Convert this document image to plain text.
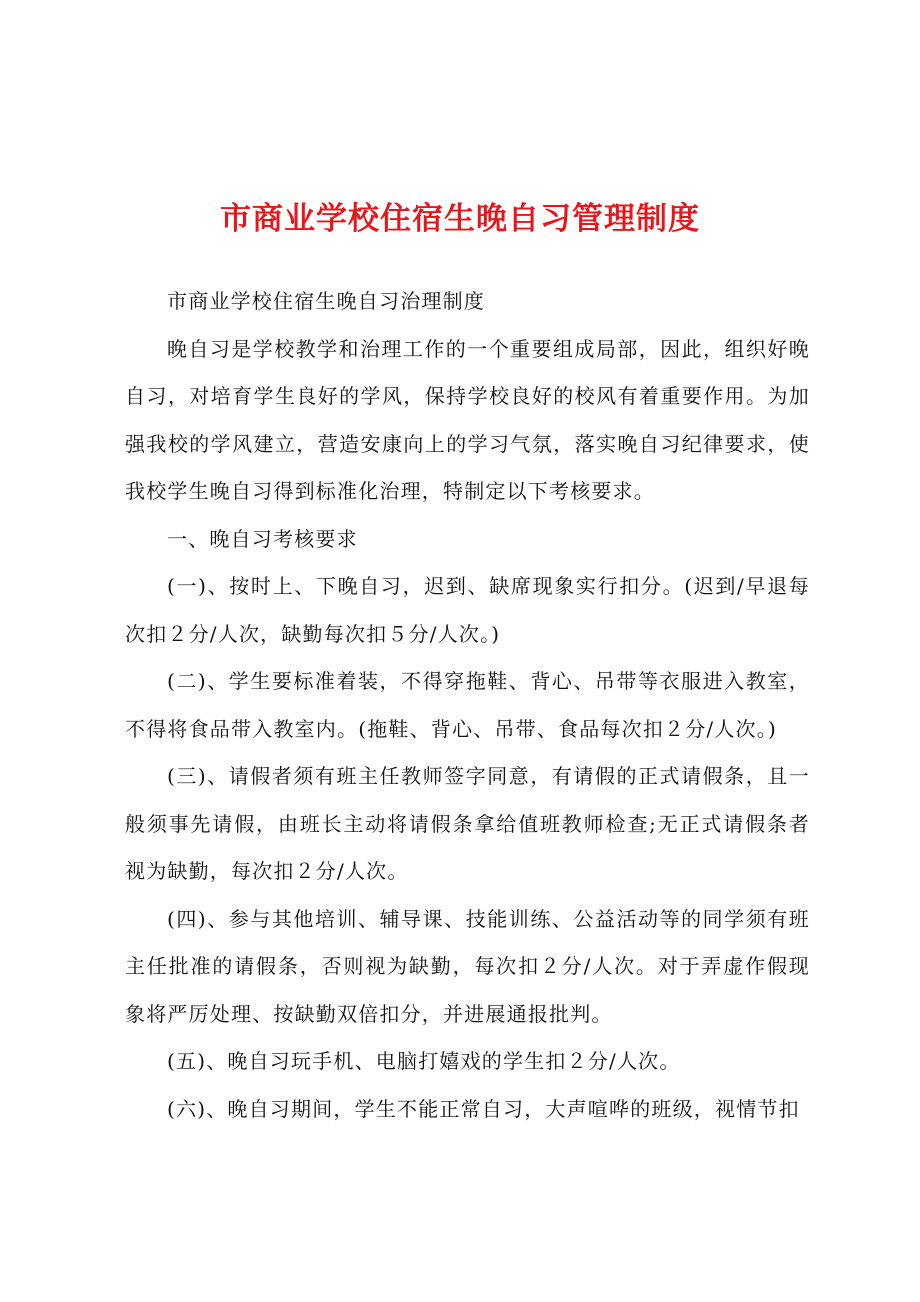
市商业学校住宿生晚自习管理制度

市商业学校住宿生晚自习治理制度

晚自习是学校教学和治理工作的一个重要组成局部，因此，组织好晚自习，对培育学生良好的学风，保持学校良好的校风有着重要作用。为加强我校的学风建立，营造安康向上的学习气氛，落实晚自习纪律要求，使我校学生晚自习得到标准化治理，特制定以下考核要求。

一、晚自习考核要求

(一)、按时上、下晚自习，迟到、缺席现象实行扣分。(迟到/早退每次扣２分/人次，缺勤每次扣５分/人次。)

(二)、学生要标准着装，不得穿拖鞋、背心、吊带等衣服进入教室，不得将食品带入教室内。(拖鞋、背心、吊带、食品每次扣２分/人次。)

(三)、请假者须有班主任教师签字同意，有请假的正式请假条，且一般须事先请假，由班长主动将请假条拿给值班教师检查;无正式请假条者视为缺勤，每次扣２分/人次。

(四)、参与其他培训、辅导课、技能训练、公益活动等的同学须有班主任批准的请假条，否则视为缺勤，每次扣２分/人次。对于弄虚作假现象将严厉处理、按缺勤双倍扣分，并进展通报批判。

(五)、晚自习玩手机、电脑打嬉戏的学生扣２分/人次。

(六)、晚自习期间，学生不能正常自习，大声喧哗的班级，视情节扣
